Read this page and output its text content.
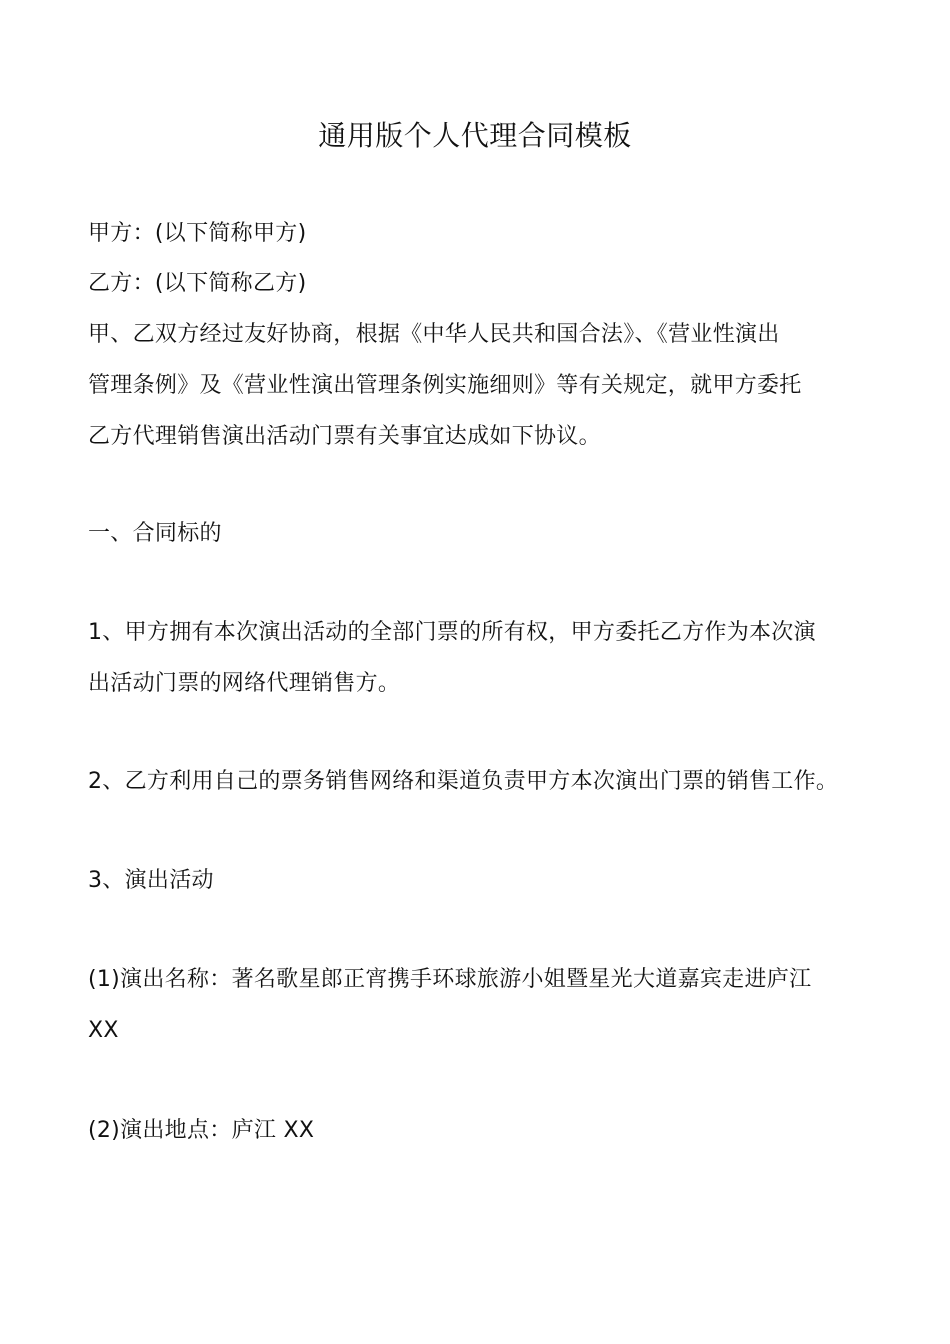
通用版个人代理合同模板
甲方：(以下简称甲方)
乙方：(以下简称乙方)
甲、乙双方经过友好协商，根据《中华人民共和国合法》、《营业性演出
管理条例》及《营业性演出管理条例实施细则》等有关规定，就甲方委托
乙方代理销售演出活动门票有关事宜达成如下协议。
一、合同标的
1、甲方拥有本次演出活动的全部门票的所有权，甲方委托乙方作为本次演
出活动门票的网络代理销售方。
2、乙方利用自己的票务销售网络和渠道负责甲方本次演出门票的销售工作。
3、演出活动
(1)演出名称：著名歌星郎正宵携手环球旅游小姐暨星光大道嘉宾走进庐江
XX
(2)演出地点：庐江 XX
